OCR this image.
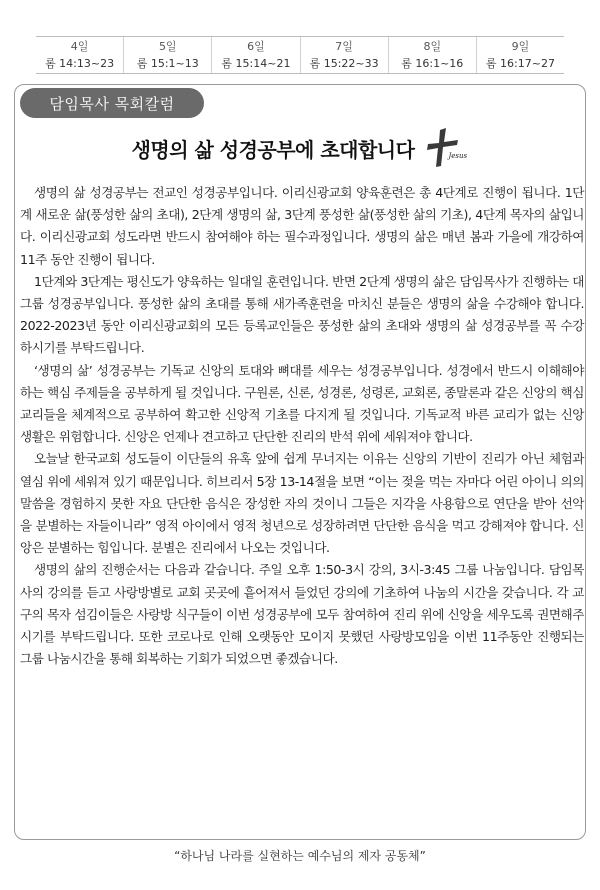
4일
롬 14:13~23
5일
롬 15:1~13
6일
롬 15:14~21
7일
롬 15:22~33
8일
롬 16:1~16
9일
롬 16:17~27
담임목사 목회칼럼
생명의 삶 성경공부에 초대합니다	Jesus

생명의 삶 성경공부는 전교인 성경공부입니다. 이리신광교회 양육훈련은 총 4단계로 진행이 됩니다. 1단계 새로운 삶(풍성한 삶의 초대), 2단계 생명의 삶, 3단계 풍성한 삶(풍성한 삶의 기초), 4단계 목자의 삶입니다. 이리신광교회 성도라면 반드시 참여해야 하는 필수과정입니다. 생명의 삶은 매년 봄과 가을에 개강하여 11주 동안 진행이 됩니다.

1단계와 3단계는 평신도가 양육하는 일대일 훈련입니다. 반면 2단계 생명의 삶은 담임목사가 진행하는 대그룹 성경공부입니다. 풍성한 삶의 초대를 통해 새가족훈련을 마치신 분들은 생명의 삶을 수강해야 합니다. 2022-2023년 동안 이리신광교회의 모든 등록교인들은 풍성한 삶의 초대와 생명의 삶 성경공부를 꼭 수강하시기를 부탁드립니다.

‘생명의 삶’ 성경공부는 기독교 신앙의 토대와 뼈대를 세우는 성경공부입니다. 성경에서 반드시 이해해야 하는 핵심 주제들을 공부하게 될 것입니다. 구원론, 신론, 성경론, 성령론, 교회론, 종말론과 같은 신앙의 핵심 교리들을 체계적으로 공부하여 확고한 신앙적 기초를 다지게 될 것입니다. 기독교적 바른 교리가 없는 신앙생활은 위험합니다. 신앙은 언제나 견고하고 단단한 진리의 반석 위에 세워져야 합니다.

오늘날 한국교회 성도들이 이단들의 유혹 앞에 쉽게 무너지는 이유는 신앙의 기반이 진리가 아닌 체험과 열심 위에 세워져 있기 때문입니다. 히브리서 5장 13-14절을 보면 “이는 젖을 먹는 자마다 어린 아이니 의의 말씀을 경험하지 못한 자요 단단한 음식은 장성한 자의 것이니 그들은 지각을 사용함으로 연단을 받아 선악을 분별하는 자들이니라” 영적 아이에서 영적 청년으로 성장하려면 단단한 음식을 먹고 강해져야 합니다. 신앙은 분별하는 힘입니다. 분별은 진리에서 나오는 것입니다.

생명의 삶의 진행순서는 다음과 같습니다. 주일 오후 1:50-3시 강의, 3시-3:45 그룹 나눔입니다. 담임목사의 강의를 듣고 사랑방별로 교회 곳곳에 흩어져서 들었던 강의에 기초하여 나눔의 시간을 갖습니다. 각 교구의 목자 섬김이들은 사랑방 식구들이 이번 성경공부에 모두 참여하여 진리 위에 신앙을 세우도록 권면해주시기를 부탁드립니다. 또한 코로나로 인해 오랫동안 모이지 못했던 사랑방모임을 이번 11주동안 진행되는 그룹 나눔시간을 통해 회복하는 기회가 되었으면 좋겠습니다.

“하나님 나라를 실현하는 예수님의 제자 공동체”
